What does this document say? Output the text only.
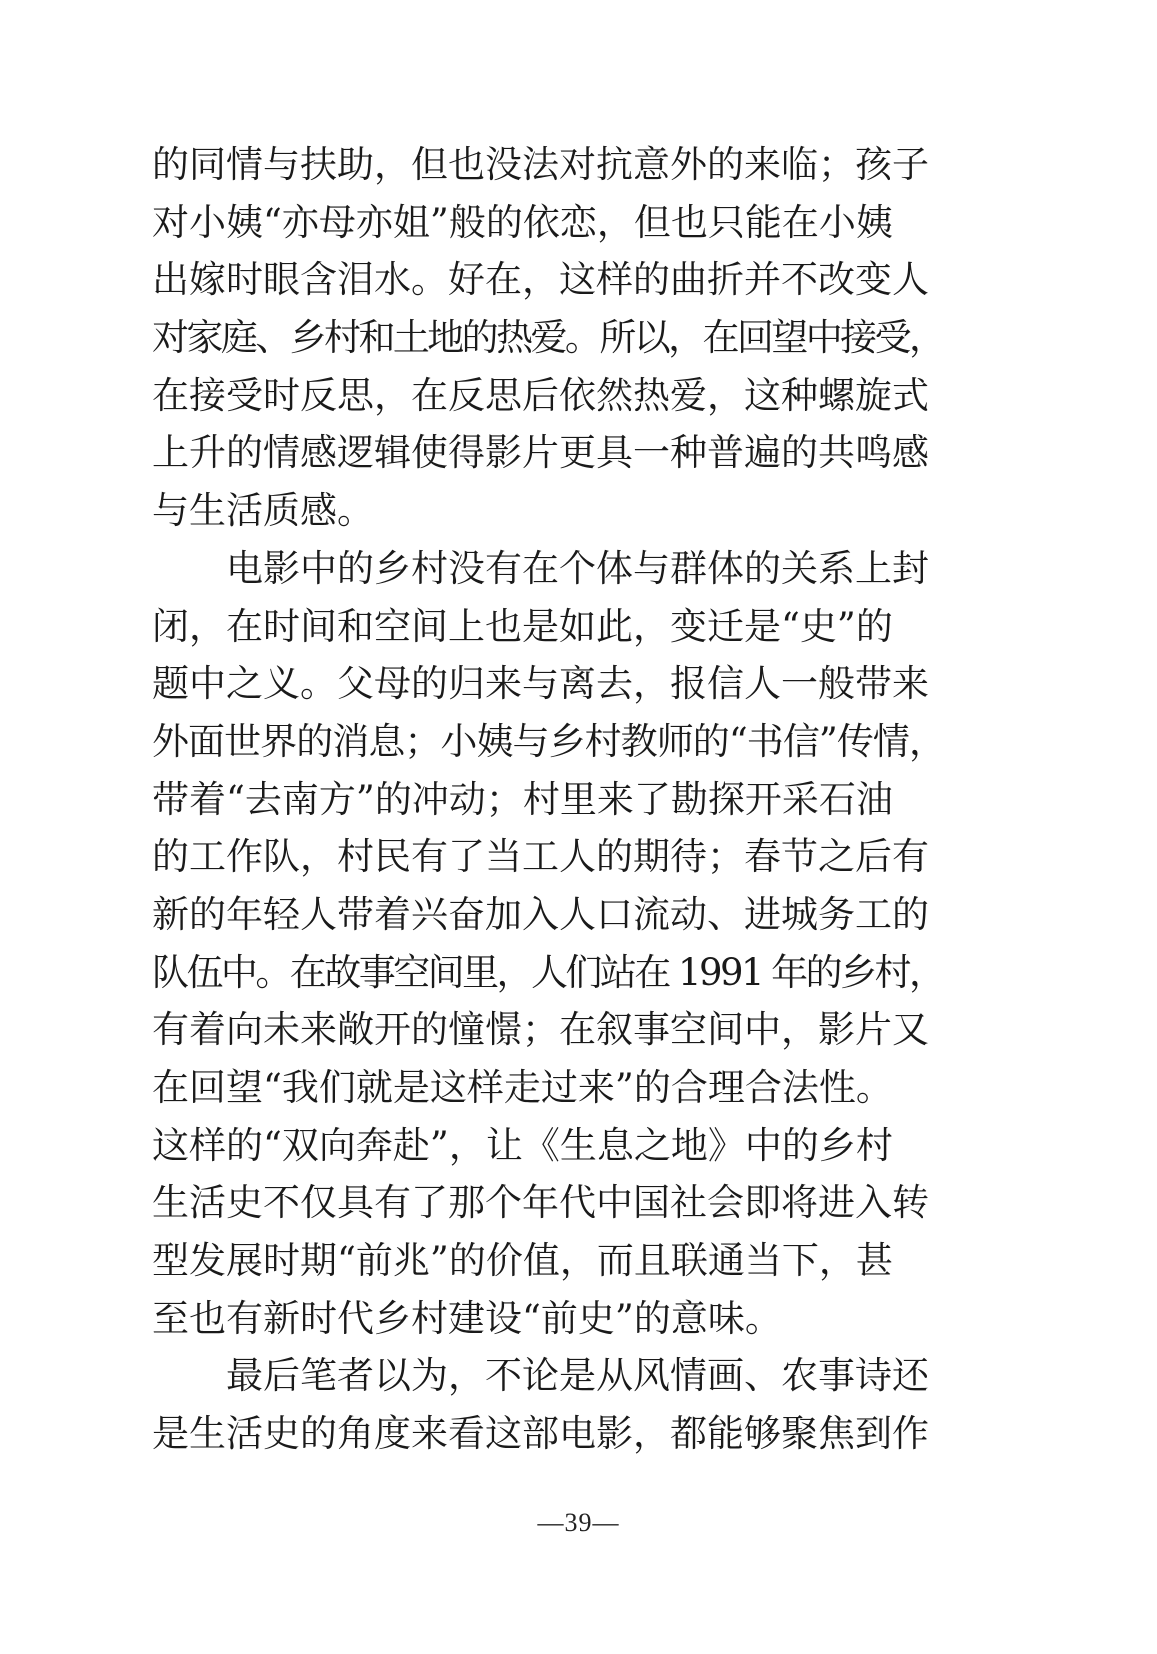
的同情与扶助，但也没法对抗意外的来临；孩子
对小姨“亦母亦姐”般的依恋，但也只能在小姨
出嫁时眼含泪水。好在，这样的曲折并不改变人
对家庭、乡村和土地的热爱。所以，在回望中接受，
在接受时反思，在反思后依然热爱，这种螺旋式
上升的情感逻辑使得影片更具一种普遍的共鸣感
与生活质感。
电影中的乡村没有在个体与群体的关系上封
闭，在时间和空间上也是如此，变迁是“史”的
题中之义。父母的归来与离去，报信人一般带来
外面世界的消息；小姨与乡村教师的“书信”传情，
带着“去南方”的冲动；村里来了勘探开采石油
的工作队，村民有了当工人的期待；春节之后有
新的年轻人带着兴奋加入人口流动、进城务工的
队伍中。在故事空间里，人们站在 1991 年的乡村，
有着向未来敞开的憧憬；在叙事空间中，影片又
在回望“我们就是这样走过来”的合理合法性。
这样的“双向奔赴”，让《生息之地》中的乡村
生活史不仅具有了那个年代中国社会即将进入转
型发展时期“前兆”的价值，而且联通当下，甚
至也有新时代乡村建设“前史”的意味。
最后笔者以为，不论是从风情画、农事诗还
是生活史的角度来看这部电影，都能够聚焦到作
—39—
